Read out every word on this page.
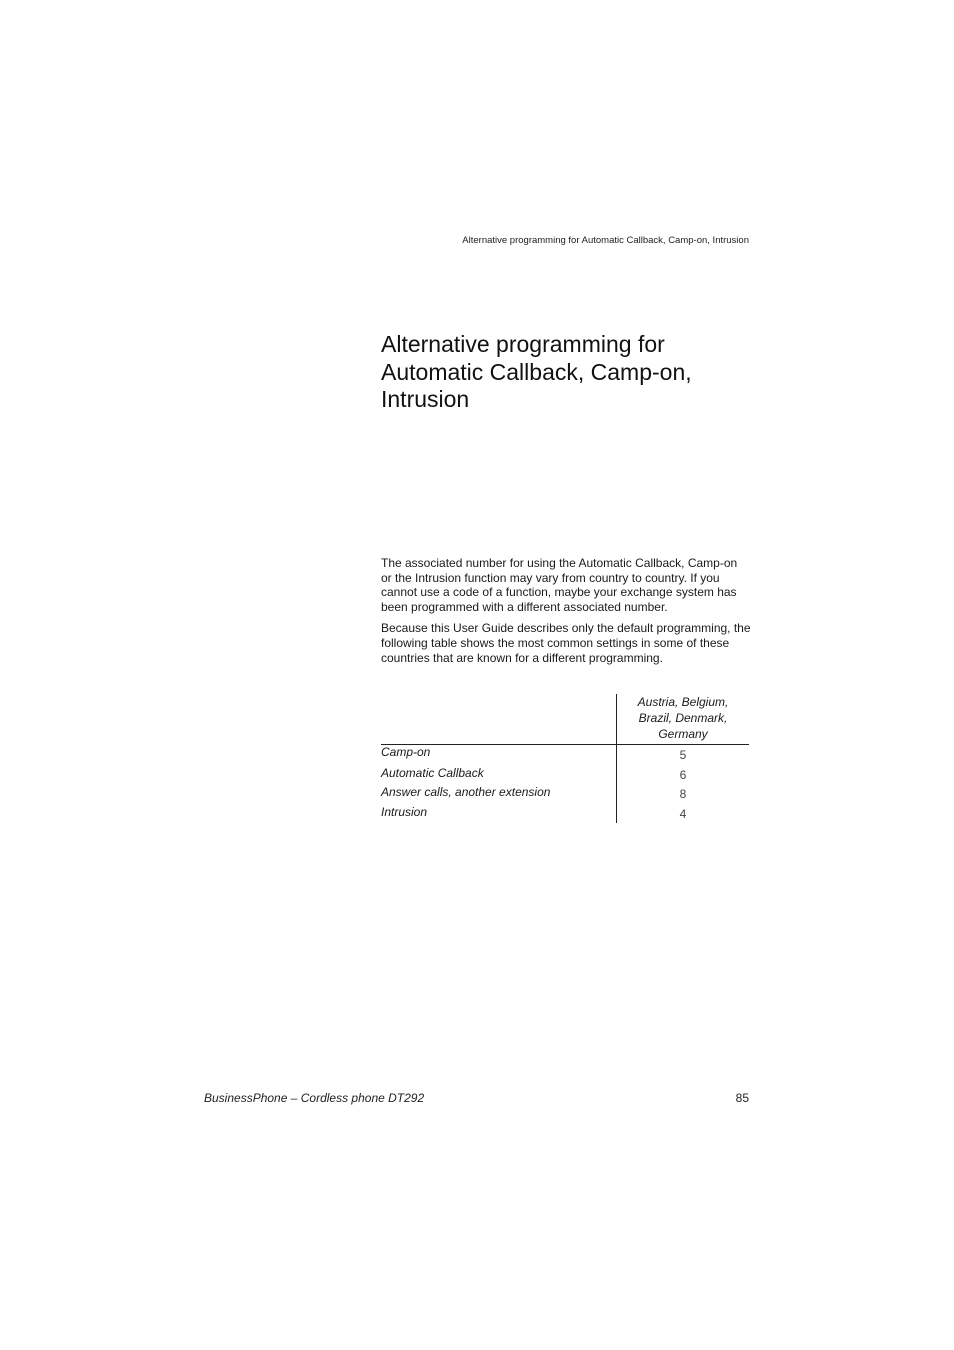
Alternative programming for Automatic Callback, Camp-on, Intrusion
Alternative programming for
Automatic Callback, Camp-on,
Intrusion

The associated number for using the Automatic Callback, Camp-on or the Intrusion function may vary from country to country. If you cannot use a code of a function, maybe your exchange system has been programmed with a different associated number.

Because this User Guide describes only the default programming, the following table shows the most common settings in some of these countries that are known for a different programming.

	Austria, Belgium,
Brazil, Denmark,
Germany
Camp-on	5
Automatic Callback	6
Answer calls, another extension	8
Intrusion	4
BusinessPhone – Cordless phone DT292	85
